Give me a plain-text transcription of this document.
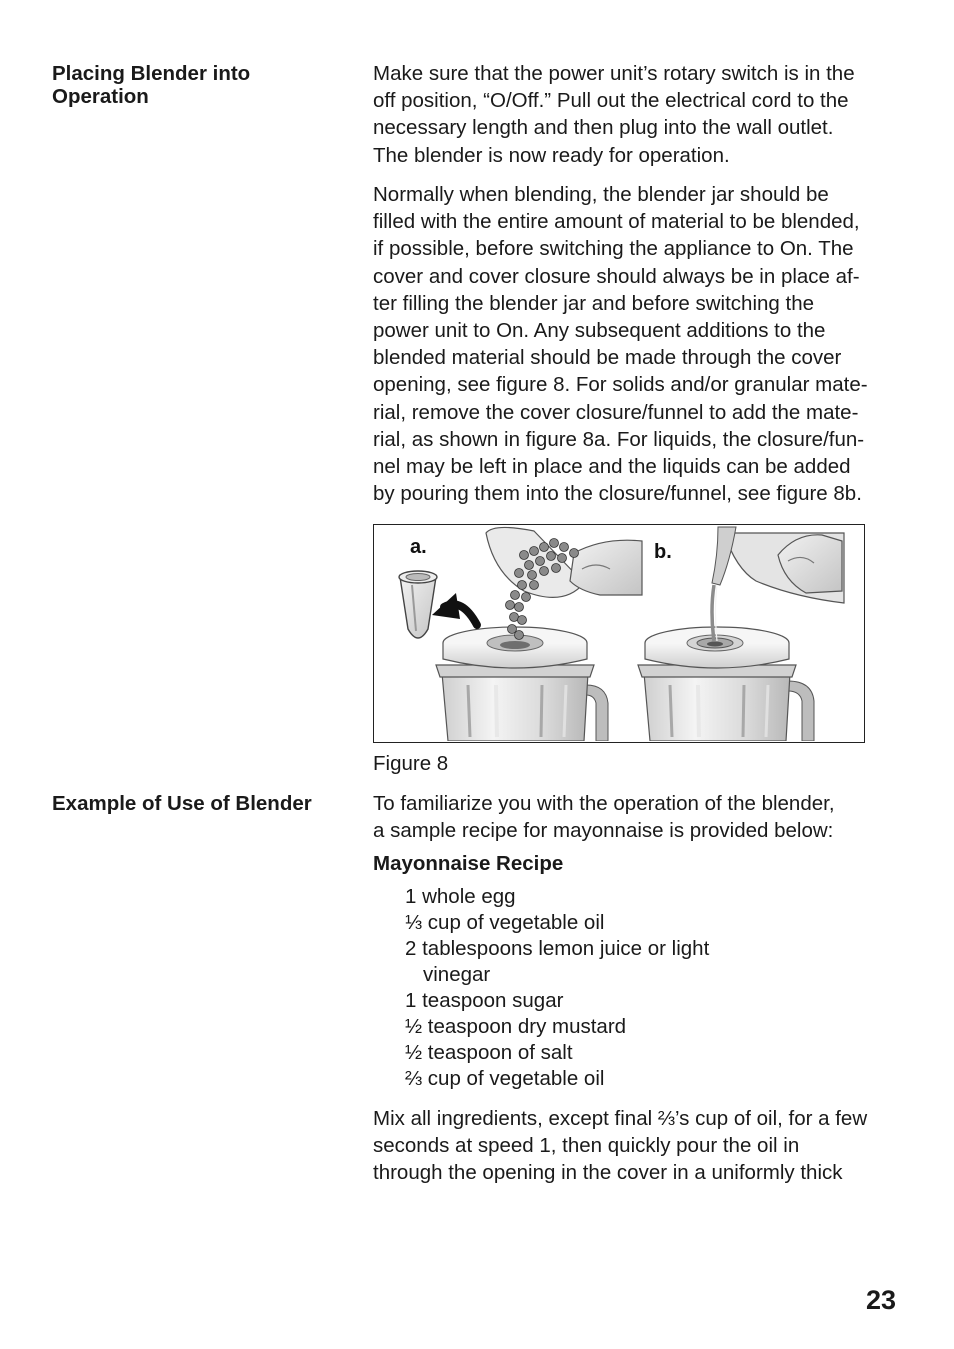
Placing Blender into
Operation

Make sure that the power unit’s rotary switch is in the
off position, “O/Off.” Pull out the electrical cord to the
necessary length and then plug into the wall outlet.
The blender is now ready for operation.

Normally when blending, the blender jar should be
filled with the entire amount of material to be blended,
if possible, before switching the appliance to On. The
cover and cover closure should always be in place af-
ter filling the blender jar and before switching the
power unit to On. Any subsequent additions to the
blended material should be made through the cover
opening, see figure 8. For solids and/or granular mate-
rial, remove the cover closure/funnel to add the mate-
rial, as shown in figure 8a. For liquids, the closure/fun-
nel may be left in place and the liquids can be added
by pouring them into the closure/funnel, see figure 8b.

a.	b.
Figure 8
Example of Use of Blender	To familiarize you with the operation of the blender,
a sample recipe for mayonnaise is provided below:

Mayonnaise Recipe
1 whole egg
⅓ cup of vegetable oil
2 tablespoons lemon juice or light
vinegar
1 teaspoon sugar
½ teaspoon dry mustard
½ teaspoon of salt
⅔ cup of vegetable oil

Mix all ingredients, except final ⅔’s cup of oil, for a few
seconds at speed 1, then quickly pour the oil in
through the opening in the cover in a uniformly thick

23
